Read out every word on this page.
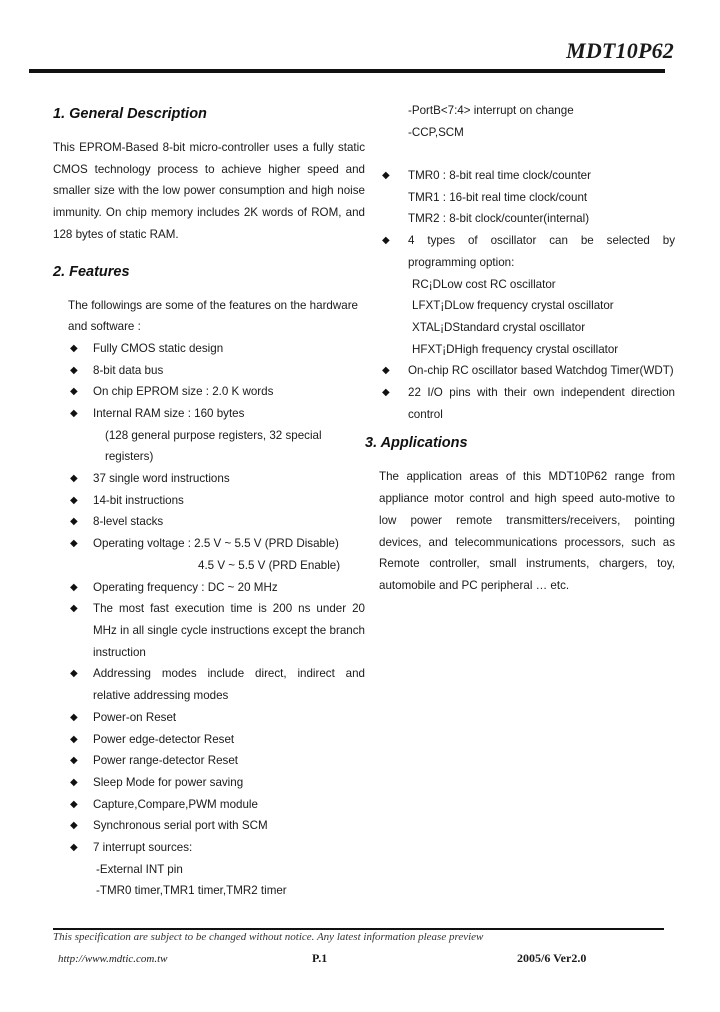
MDT10P62
1. General Description

This EPROM-Based 8-bit micro-controller uses a fully static CMOS technology process to achieve higher speed and smaller size with the low power consumption and high noise immunity. On chip memory includes 2K words of ROM, and 128 bytes of static RAM.

2. Features
The followings are some of the features on the hardware
and software :
◆ Fully CMOS static design
◆ 8-bit data bus
◆ On chip EPROM size : 2.0 K words
◆ Internal RAM size : 160 bytes
(128 general purpose registers, 32 special
registers)
◆ 37 single word instructions
◆ 14-bit instructions
◆ 8-level stacks
◆ Operating voltage : 2.5 V ~ 5.5 V (PRD Disable)
4.5 V ~ 5.5 V (PRD Enable)
◆ Operating frequency : DC ~ 20 MHz
◆ The most fast execution time is 200 ns under 20 MHz in all single cycle instructions except the branch instruction
◆ Addressing modes include direct, indirect and relative addressing modes
◆ Power-on Reset
◆ Power edge-detector Reset
◆ Power range-detector Reset
◆ Sleep Mode for power saving
◆ Capture,Compare,PWM module
◆ Synchronous serial port with SCM
◆ 7 interrupt sources:
-External INT pin
-TMR0 timer,TMR1 timer,TMR2 timer
-PortB<7:4> interrupt on change
-CCP,SCM
◆ TMR0 : 8-bit real time clock/counter
TMR1 : 16-bit real time clock/count
TMR2 : 8-bit clock/counter(internal)
◆ 4 types of oscillator can be selected by programming option:
RC¡DLow cost RC oscillator
LFXT¡DLow frequency crystal oscillator
XTAL¡DStandard crystal oscillator
HFXT¡DHigh frequency crystal oscillator
◆ On-chip RC oscillator based Watchdog Timer(WDT)
◆ 22 I/O pins with their own independent direction control
3. Applications

The application areas of this MDT10P62 range from appliance motor control and high speed auto-motive to low power remote transmitters/receivers, pointing devices, and telecommunications processors, such as Remote controller, small instruments, chargers, toy, automobile and PC peripheral … etc.

This specification are subject to be changed without notice. Any latest information please preview
http://www.mdtic.com.tw	P.1	2005/6 Ver2.0
